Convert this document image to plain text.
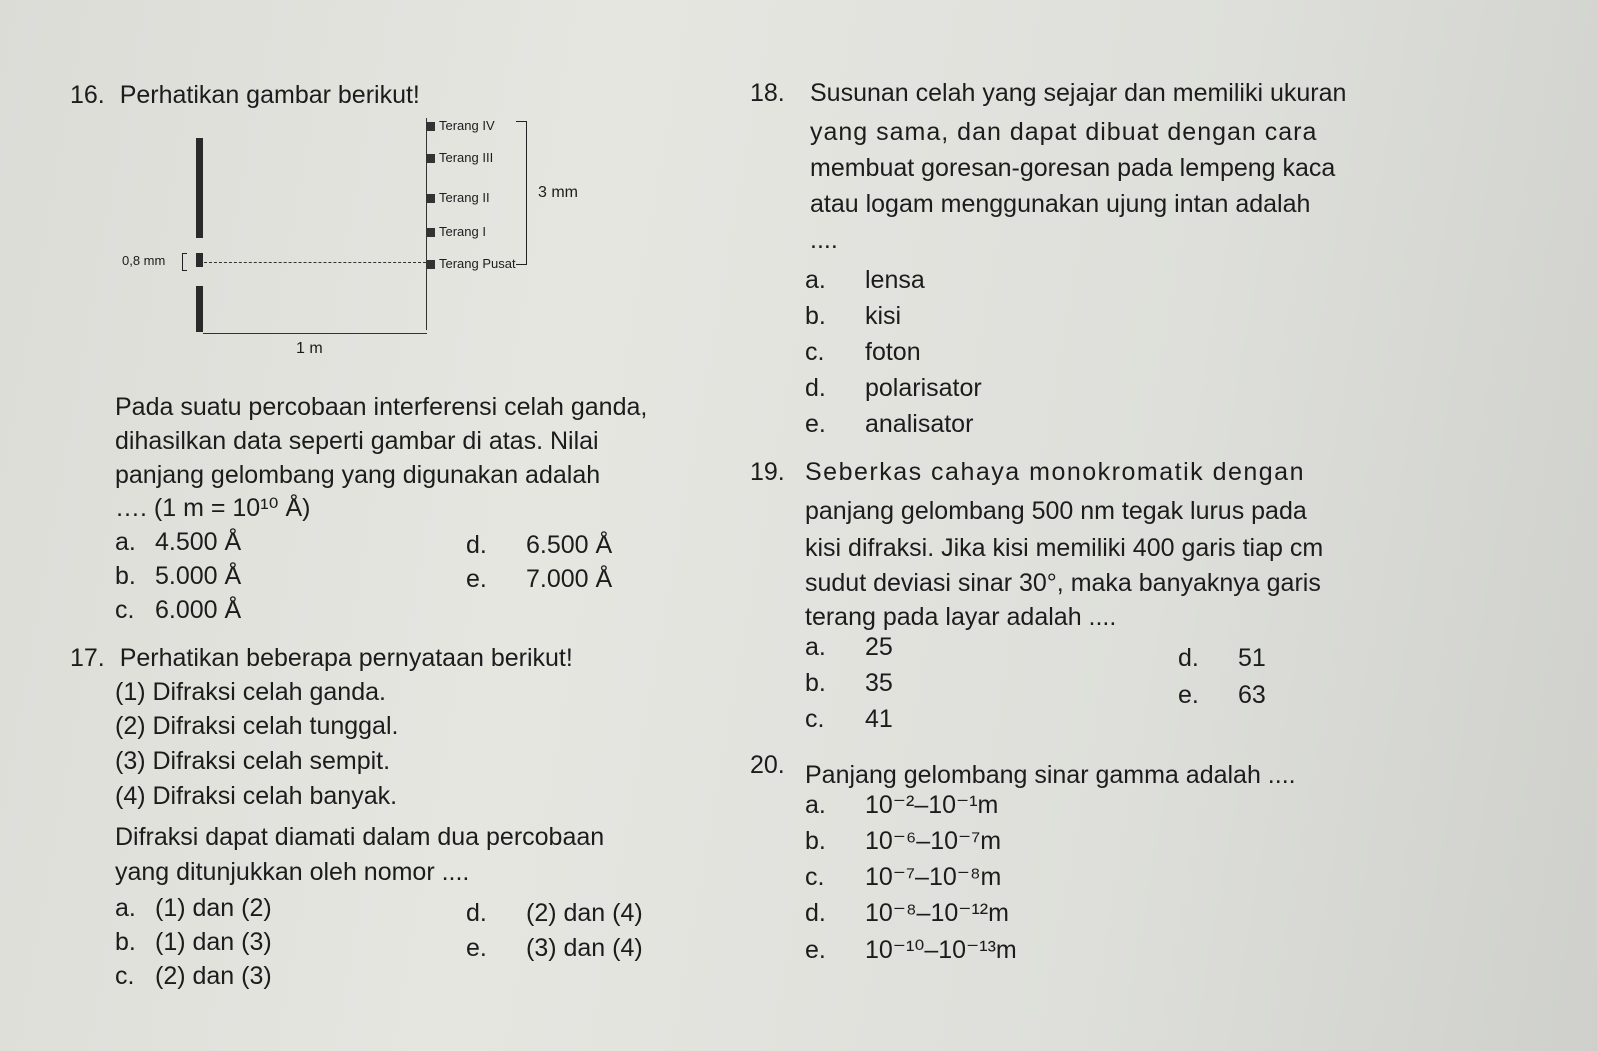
16. Perhatikan gambar berikut!
0,8 mm
Terang IV
Terang III
Terang II
Terang I
Terang Pusat
3 mm
1 m
Pada suatu percobaan interferensi celah ganda,
dihasilkan data seperti gambar di atas. Nilai
panjang gelombang yang digunakan adalah
…. (1 m = 10¹⁰ Å)
a. 4.500 Å
b. 5.000 Å
c. 6.000 Å
d. 6.500 Å
e. 7.000 Å
17. Perhatikan beberapa pernyataan berikut!
(1) Difraksi celah ganda.
(2) Difraksi celah tunggal.
(3) Difraksi celah sempit.
(4) Difraksi celah banyak.
Difraksi dapat diamati dalam dua percobaan
yang ditunjukkan oleh nomor ....
a. (1) dan (2)
b. (1) dan (3)
c. (2) dan (3)
d. (2) dan (4)
e. (3) dan (4)
18. Susunan celah yang sejajar dan memiliki ukuran
yang sama, dan dapat dibuat dengan cara
membuat goresan-goresan pada lempeng kaca
atau logam menggunakan ujung intan adalah
....
a. lensa
b. kisi
c. foton
d. polarisator
e. analisator
19. Seberkas cahaya monokromatik dengan
panjang gelombang 500 nm tegak lurus pada
kisi difraksi. Jika kisi memiliki 400 garis tiap cm
sudut deviasi sinar 30°, maka banyaknya garis
terang pada layar adalah ....
a. 25
b. 35
c. 41
d. 51
e. 63
20. Panjang gelombang sinar gamma adalah ....
a. 10⁻²–10⁻¹m
b. 10⁻⁶–10⁻⁷m
c. 10⁻⁷–10⁻⁸m
d. 10⁻⁸–10⁻¹²m
e. 10⁻¹⁰–10⁻¹³m
